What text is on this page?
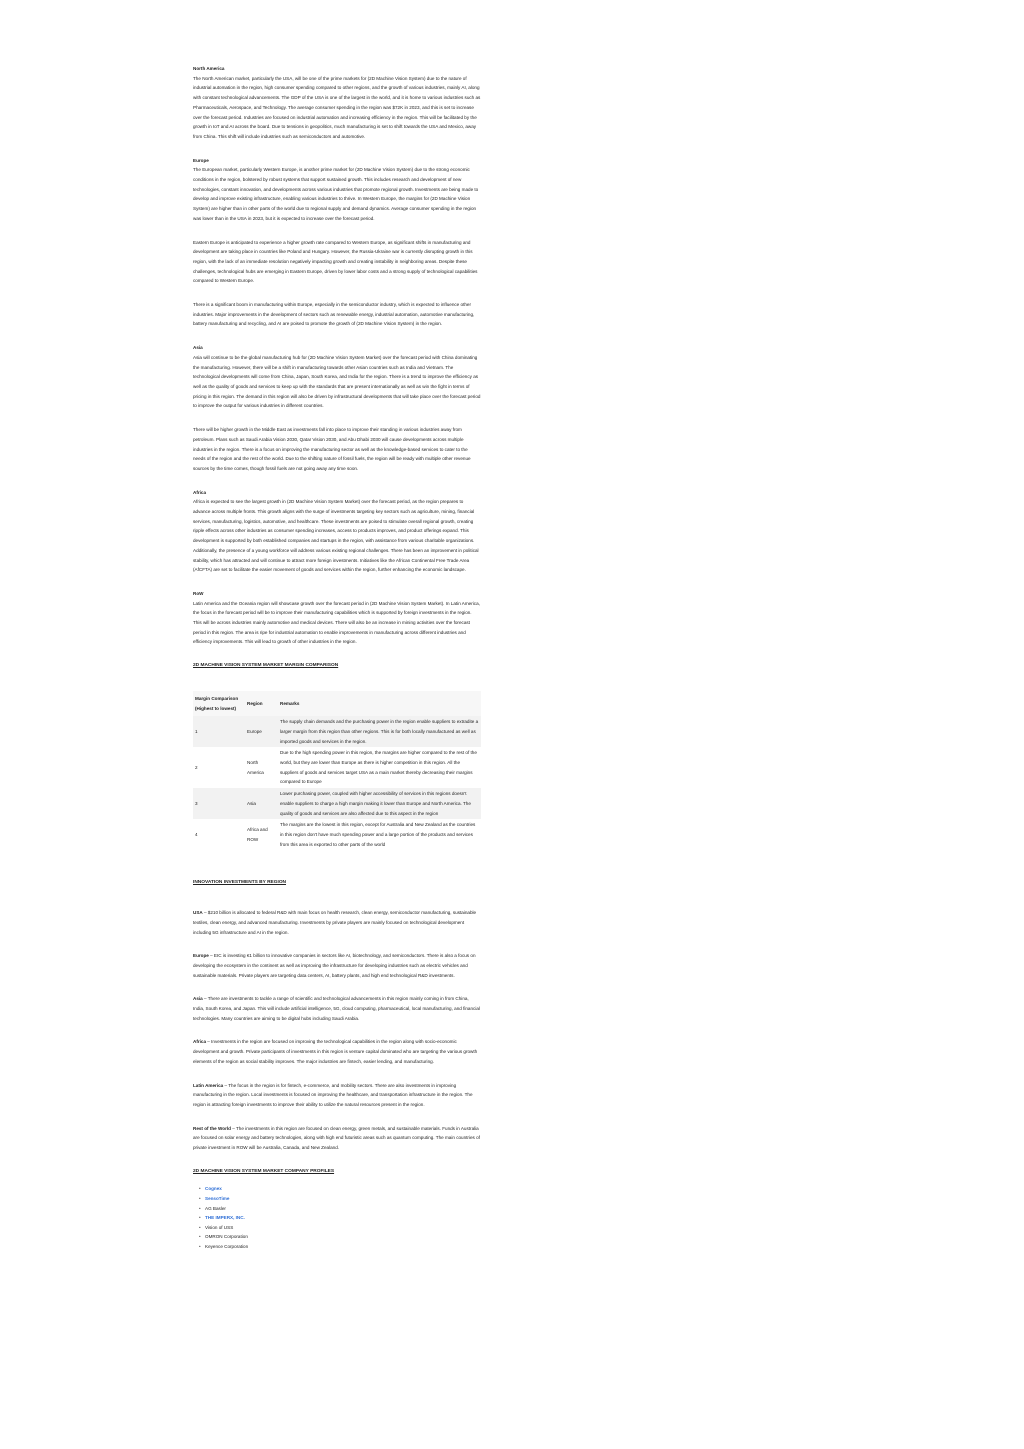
North America

The North American market, particularly the USA, will be one of the prime markets for (2D Machine Vision System) due to the nature of industrial automation in the region, high consumer spending compared to other regions, and the growth of various industries, mainly AI, along with constant technological advancements. The GDP of the USA is one of the largest in the world, and it is home to various industries such as Pharmaceuticals, Aerospace, and Technology. The average consumer spending in the region was $72K in 2023, and this is set to increase over the forecast period. Industries are focused on industrial automation and increasing efficiency in the region. This will be facilitated by the growth in IoT and AI across the board. Due to tensions in geopolitics, much manufacturing is set to shift towards the USA and Mexico, away from China. This shift will include industries such as semiconductors and automotive.

Europe

The European market, particularly Western Europe, is another prime market for (2D Machine Vision System) due to the strong economic conditions in the region, bolstered by robust systems that support sustained growth. This includes research and development of new technologies, constant innovation, and developments across various industries that promote regional growth. Investments are being made to develop and improve existing infrastructure, enabling various industries to thrive. In Western Europe, the margins for (2D Machine Vision System) are higher than in other parts of the world due to regional supply and demand dynamics. Average consumer spending in the region was lower than in the USA in 2023, but it is expected to increase over the forecast period.

Eastern Europe is anticipated to experience a higher growth rate compared to Western Europe, as significant shifts in manufacturing and development are taking place in countries like Poland and Hungary. However, the Russia-Ukraine war is currently disrupting growth in this region, with the lack of an immediate resolution negatively impacting growth and creating instability in neighboring areas. Despite these challenges, technological hubs are emerging in Eastern Europe, driven by lower labor costs and a strong supply of technological capabilities compared to Western Europe.

There is a significant boom in manufacturing within Europe, especially in the semiconductor industry, which is expected to influence other industries. Major improvements in the development of sectors such as renewable energy, industrial automation, automotive manufacturing, battery manufacturing and recycling, and AI are poised to promote the growth of (2D Machine Vision System) in the region.

Asia

Asia will continue to be the global manufacturing hub for (2D Machine Vision System Market) over the forecast period with China dominating the manufacturing. However, there will be a shift in manufacturing towards other Asian countries such as India and Vietnam. The technological developments will come from China, Japan, South Korea, and India for the region. There is a trend to improve the efficiency as well as the quality of goods and services to keep up with the standards that are present internationally as well as win the fight in terms of pricing in this region. The demand in this region will also be driven by infrastructural developments that will take place over the forecast period to improve the output for various industries in different countries.

There will be higher growth in the Middle East as investments fall into place to improve their standing in various industries away from petroleum. Plans such as Saudi Arabia Vision 2030, Qatar Vision 2030, and Abu Dhabi 2030 will cause developments across multiple industries in the region. There is a focus on improving the manufacturing sector as well as the knowledge-based services to cater to the needs of the region and the rest of the world. Due to the shifting nature of fossil fuels, the region will be ready with multiple other revenue sources by the time comes, though fossil fuels are not going away any time soon.

Africa

Africa is expected to see the largest growth in (2D Machine Vision System Market) over the forecast period, as the region prepares to advance across multiple fronts. This growth aligns with the surge of investments targeting key sectors such as agriculture, mining, financial services, manufacturing, logistics, automotive, and healthcare. These investments are poised to stimulate overall regional growth, creating ripple effects across other industries as consumer spending increases, access to products improves, and product offerings expand. This development is supported by both established companies and startups in the region, with assistance from various charitable organizations. Additionally, the presence of a young workforce will address various existing regional challenges. There has been an improvement in political stability, which has attracted and will continue to attract more foreign investments. Initiatives like the African Continental Free Trade Area (AfCFTA) are set to facilitate the easier movement of goods and services within the region, further enhancing the economic landscape.

RoW

Latin America and the Oceania region will showcase growth over the forecast period in (2D Machine Vision System Market). In Latin America, the focus in the forecast period will be to improve their manufacturing capabilities which is supported by foreign investments in the region. This will be across industries mainly automotive and medical devices. There will also be an increase in mining activities over the forecast period in this region. The area is ripe for industrial automation to enable improvements in manufacturing across different industries and efficiency improvements. This will lead to growth of other industries in the region.

2D MACHINE VISION SYSTEM MARKET MARGIN COMPARISON

Margin Comparison (Highest to lowest)	Region	Remarks
1	Europe	The supply chain demands and the purchasing power in the region enable suppliers to extradite a larger margin from this region than other regions. This is for both locally manufactured as well as imported goods and services in the region.
2	North America	Due to the high spending power in this region, the margins are higher compared to the rest of the world, but they are lower than Europe as there is higher competition in this region. All the suppliers of goods and services target USA as a main market thereby decreasing their margins compared to Europe
3	Asia	Lower purchasing power, coupled with higher accessibility of services in this regions doesn't enable suppliers to charge a high margin making it lower than Europe and North America. The quality of goods and services are also affected due to this aspect in the region
4	Africa and ROW	The margins are the lowest in this region, except for Australia and New Zealand as the countries in this region don't have much spending power and a large portion of the products and services from this area is exported to other parts of the world

INNOVATION INVESTMENTS BY REGION

USA – $210 billion is allocated to federal R&D with main focus on health research, clean energy, semiconductor manufacturing, sustainable textiles, clean energy, and advanced manufacturing. Investments by private players are mainly focused on technological development including 5G infrastructure and AI in the region.

Europe – EIC is investing €1 billion to innovative companies in sectors like AI, biotechnology, and semiconductors. There is also a focus on developing the ecosystem in the continent as well as improving the infrastructure for developing industries such as electric vehicles and sustainable materials. Private players are targeting data centers, AI, battery plants, and high end technological R&D investments.

Asia – There are investments to tackle a range of scientific and technological advancements in this region mainly coming in from China, India, South Korea, and Japan. This will include artificial intelligence, 5G, cloud computing, pharmaceutical, local manufacturing, and financial technologies. Many countries are aiming to be digital hubs including Saudi Arabia.

Africa – Investments in the region are focused on improving the technological capabilities in the region along with socio-economic development and growth. Private participants of investments in this region is venture capital dominated who are targeting the various growth elements of the region as social stability improves. The major industries are fintech, easier lending, and manufacturing.

Latin America – The focus in the region is for fintech, e-commerce, and mobility sectors. There are also investments in improving manufacturing in the region. Local investments is focused on improving the healthcare, and transportation infrastructure in the region. The region is attracting foreign investments to improve their ability to utilize the natural resources present in the region.

Rest of the World – The investments in this region are focused on clean energy, green metals, and sustainable materials. Funds in Australia are focused on solar energy and battery technologies, along with high end futuristic areas such as quantum computing. The main countries of private investment in ROW will be Australia, Canada, and New Zealand.

2D MACHINE VISION SYSTEM MARKET COMPANY PROFILES

• Cognex
• SensoTime
• AG Basler
• THE IMPERX, INC.
• Vision of USS
• OMRON Corporation
• Keyence Corporation
